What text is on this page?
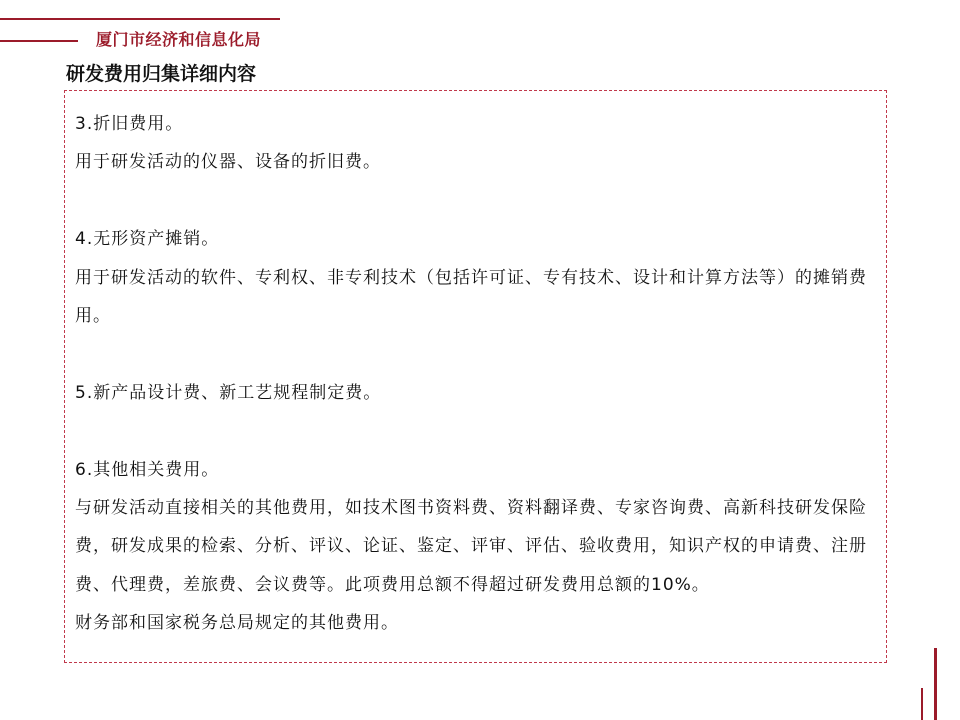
厦门市经济和信息化局
研发费用归集详细内容

3.折旧费用。

用于研发活动的仪器、设备的折旧费。

4.无形资产摊销。

用于研发活动的软件、专利权、非专利技术（包括许可证、专有技术、设计和计算方法等）的摊销费用。

5.新产品设计费、新工艺规程制定费。

6.其他相关费用。

与研发活动直接相关的其他费用，如技术图书资料费、资料翻译费、专家咨询费、高新科技研发保险费，研发成果的检索、分析、评议、论证、鉴定、评审、评估、验收费用，知识产权的申请费、注册费、代理费，差旅费、会议费等。此项费用总额不得超过研发费用总额的10%。

财务部和国家税务总局规定的其他费用。
